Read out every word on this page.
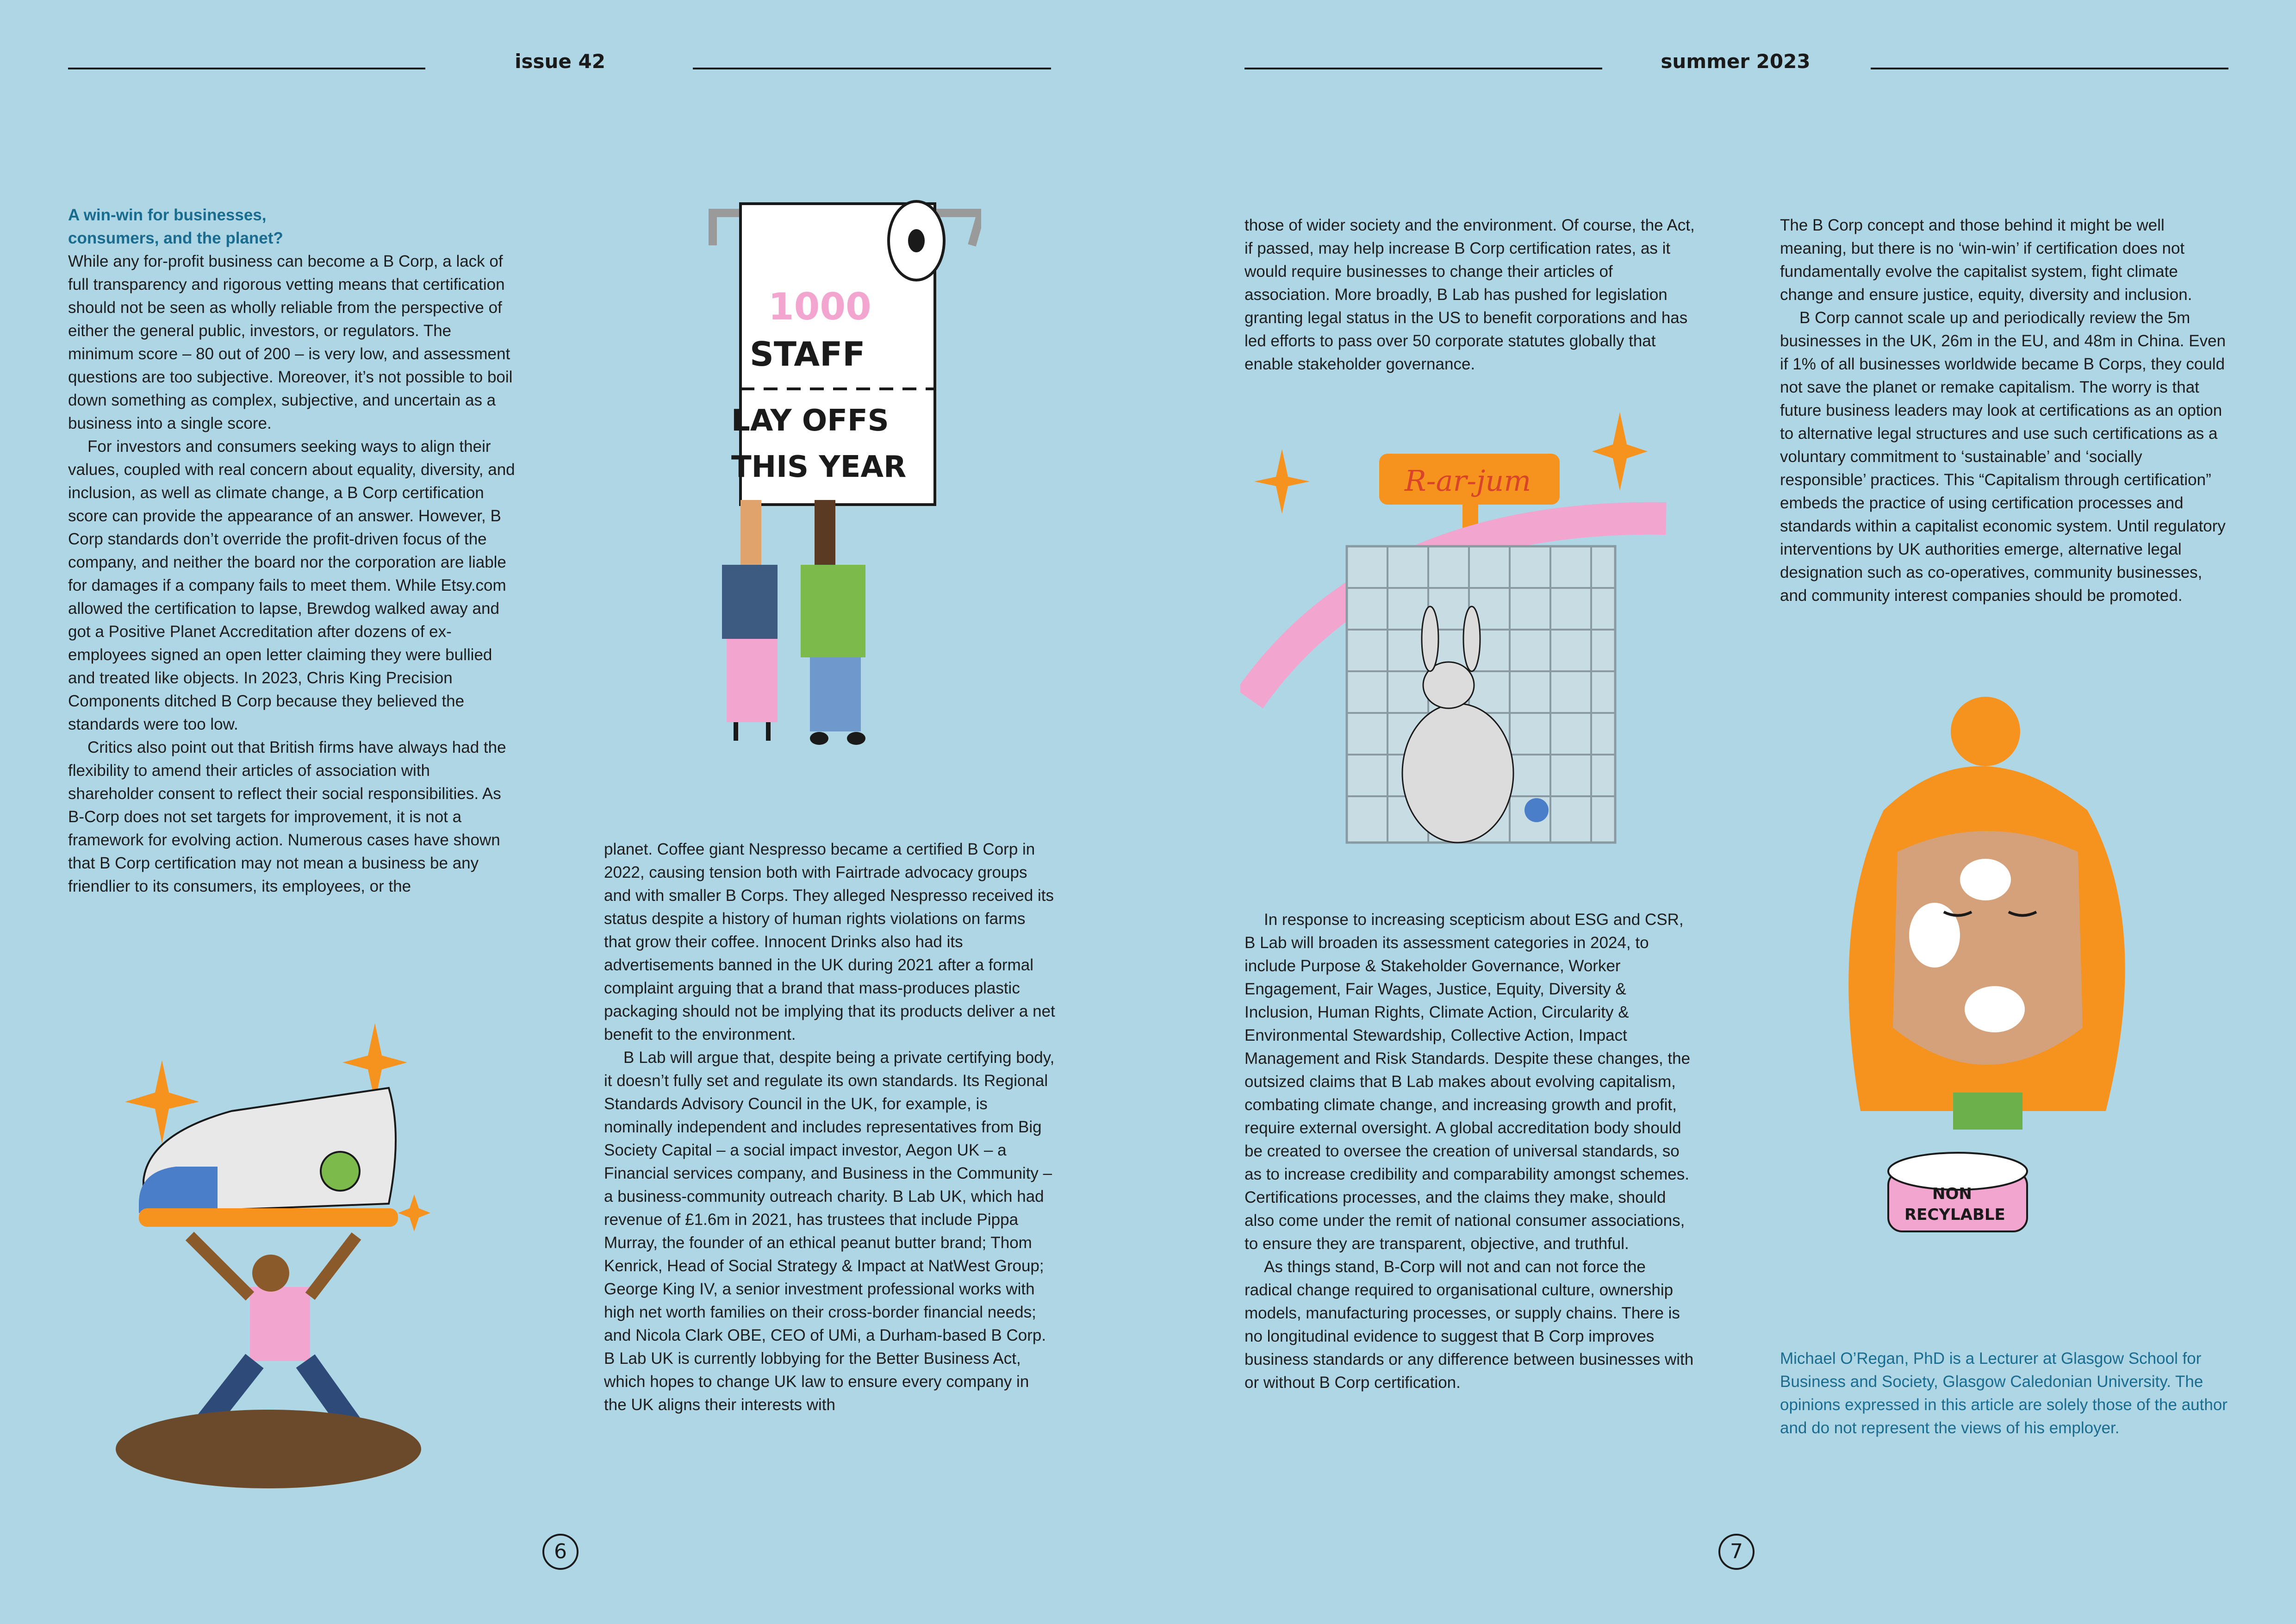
issue 42	summer 2023

A win-win for businesses,

consumers, and the planet?

While any for-profit business can become a B Corp, a lack of full transparency and rigorous vetting means that certification should not be seen as wholly reliable from the perspective of either the general public, investors, or regulators. The minimum score – 80 out of 200 – is very low, and assessment questions are too subjective. Moreover, it’s not possible to boil down something as complex, subjective, and uncertain as a business into a single score.

For investors and consumers seeking ways to align their values, coupled with real concern about equality, diversity, and inclusion, as well as climate change, a B Corp certification score can provide the appearance of an answer. However, B Corp standards don’t override the profit-driven focus of the company, and neither the board nor the corporation are liable for damages if a company fails to meet them. While Etsy.com allowed the certification to lapse, Brewdog walked away and got a Positive Planet Accreditation after dozens of ex-employees signed an open letter claiming they were bullied and treated like objects. In 2023, Chris King Precision Components ditched B Corp because they believed the standards were too low.

Critics also point out that British firms have always had the flexibility to amend their articles of association with shareholder consent to reflect their social responsibilities. As B-Corp does not set targets for improvement, it is not a framework for evolving action. Numerous cases have shown that B Corp certification may not mean a business be any friendlier to its consumers, its employees, or the

planet. Coffee giant Nespresso became a certified B Corp in 2022, causing tension both with Fairtrade advocacy groups and with smaller B Corps. They alleged Nespresso received its status despite a history of human rights violations on farms that grow their coffee. Innocent Drinks also had its advertisements banned in the UK during 2021 after a formal complaint arguing that a brand that mass-produces plastic packaging should not be implying that its products deliver a net benefit to the environment.

B Lab will argue that, despite being a private certifying body, it doesn’t fully set and regulate its own standards. Its Regional Standards Advisory Council in the UK, for example, is nominally independent and includes representatives from Big Society Capital – a social impact investor, Aegon UK – a Financial services company, and Business in the Community – a business-community outreach charity. B Lab UK, which had revenue of £1.6m in 2021, has trustees that include Pippa Murray, the founder of an ethical peanut butter brand; Thom Kenrick, Head of Social Strategy & Impact at NatWest Group; George King IV, a senior investment professional works with high net worth families on their cross-border financial needs; and Nicola Clark OBE, CEO of UMi, a Durham-based B Corp. B Lab UK is currently lobbying for the Better Business Act, which hopes to change UK law to ensure every company in the UK aligns their interests with

those of wider society and the environment. Of course, the Act, if passed, may help increase B Corp certification rates, as it would require businesses to change their articles of association. More broadly, B Lab has pushed for legislation granting legal status in the US to benefit corporations and has led efforts to pass over 50 corporate statutes globally that enable stakeholder governance.

In response to increasing scepticism about ESG and CSR, B Lab will broaden its assessment categories in 2024, to include Purpose & Stakeholder Governance, Worker Engagement, Fair Wages, Justice, Equity, Diversity & Inclusion, Human Rights, Climate Action, Circularity & Environmental Stewardship, Collective Action, Impact Management and Risk Standards. Despite these changes, the outsized claims that B Lab makes about evolving capitalism, combating climate change, and increasing growth and profit, require external oversight. A global accreditation body should be created to oversee the creation of universal standards, so as to increase credibility and comparability amongst schemes. Certifications processes, and the claims they make, should also come under the remit of national consumer associations, to ensure they are transparent, objective, and truthful.

As things stand, B-Corp will not and can not force the radical change required to organisational culture, ownership models, manufacturing processes, or supply chains. There is no longitudinal evidence to suggest that B Corp improves business standards or any difference between businesses with or without B Corp certification.

The B Corp concept and those behind it might be well meaning, but there is no ‘win-win’ if certification does not fundamentally evolve the capitalist system, fight climate change and ensure justice, equity, diversity and inclusion.

B Corp cannot scale up and periodically review the 5m businesses in the UK, 26m in the EU, and 48m in China. Even if 1% of all businesses worldwide became B Corps, they could not save the planet or remake capitalism. The worry is that future business leaders may look at certifications as an option to alternative legal structures and use such certifications as a voluntary commitment to ‘sustainable’ and ‘socially responsible’ practices. This “Capitalism through certification” embeds the practice of using certification processes and standards within a capitalist economic system. Until regulatory interventions by UK authorities emerge, alternative legal designation such as co-operatives, community businesses, and community interest companies should be promoted.

Michael O’Regan, PhD is a Lecturer at Glasgow School for Business and Society, Glasgow Caledonian University. The opinions expressed in this article are solely those of the author and do not represent the views of his employer.

6	7
1000
STAFF
LAY OFFS
THIS YEAR	R-ar-jum
NON
RECYLABLE
